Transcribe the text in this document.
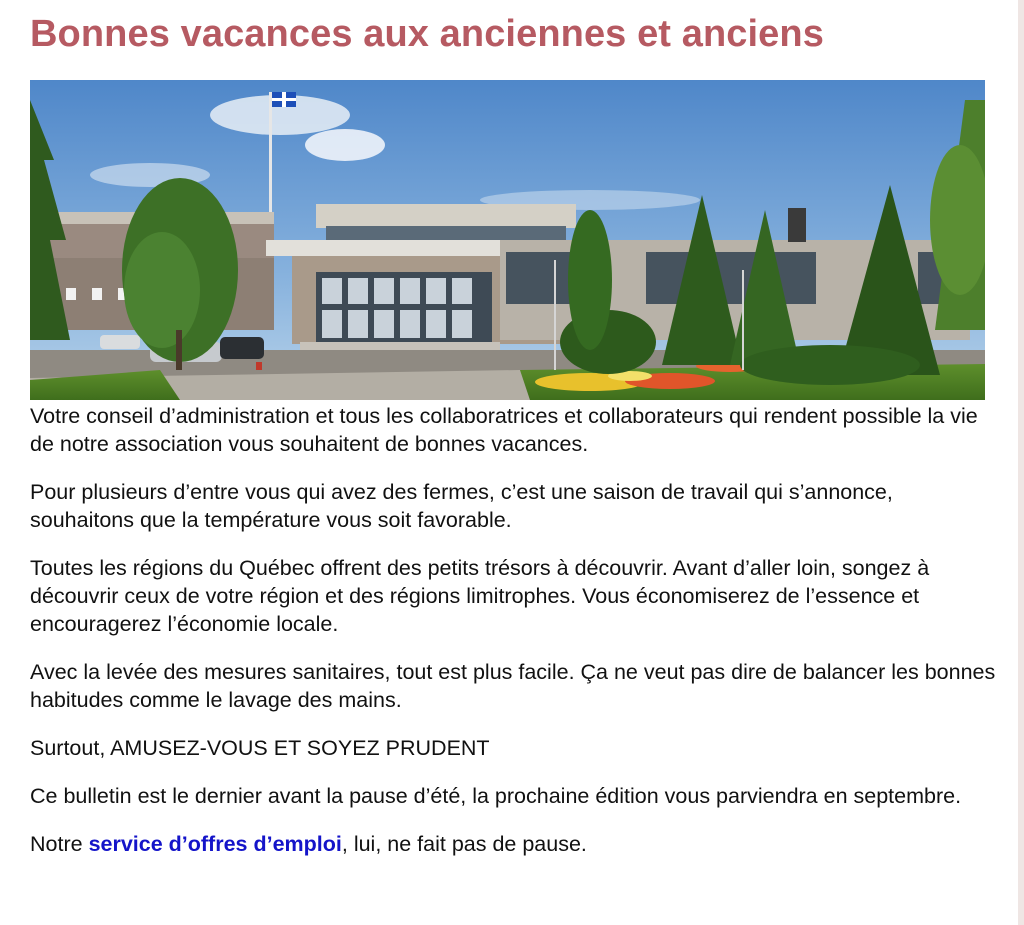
Bonnes vacances aux anciennes et anciens

Votre conseil d’administration et tous les collaboratrices et collaborateurs qui rendent possible la vie de notre association vous souhaitent de bonnes vacances.

Pour plusieurs d’entre vous qui avez des fermes, c’est une saison de travail qui s’annonce, souhaitons que la température vous soit favorable.

Toutes les régions du Québec offrent des petits trésors à découvrir. Avant d’aller loin, songez à découvrir ceux de votre région et des régions limitrophes. Vous économiserez de l’essence et encouragerez l’économie locale.

Avec la levée des mesures sanitaires, tout est plus facile. Ça ne veut pas dire de balancer les bonnes habitudes comme le lavage des mains.

Surtout, AMUSEZ-VOUS ET SOYEZ PRUDENT

Ce bulletin est le dernier avant la pause d’été, la prochaine édition vous parviendra en septembre.

Notre service d’offres d’emploi, lui, ne fait pas de pause.
